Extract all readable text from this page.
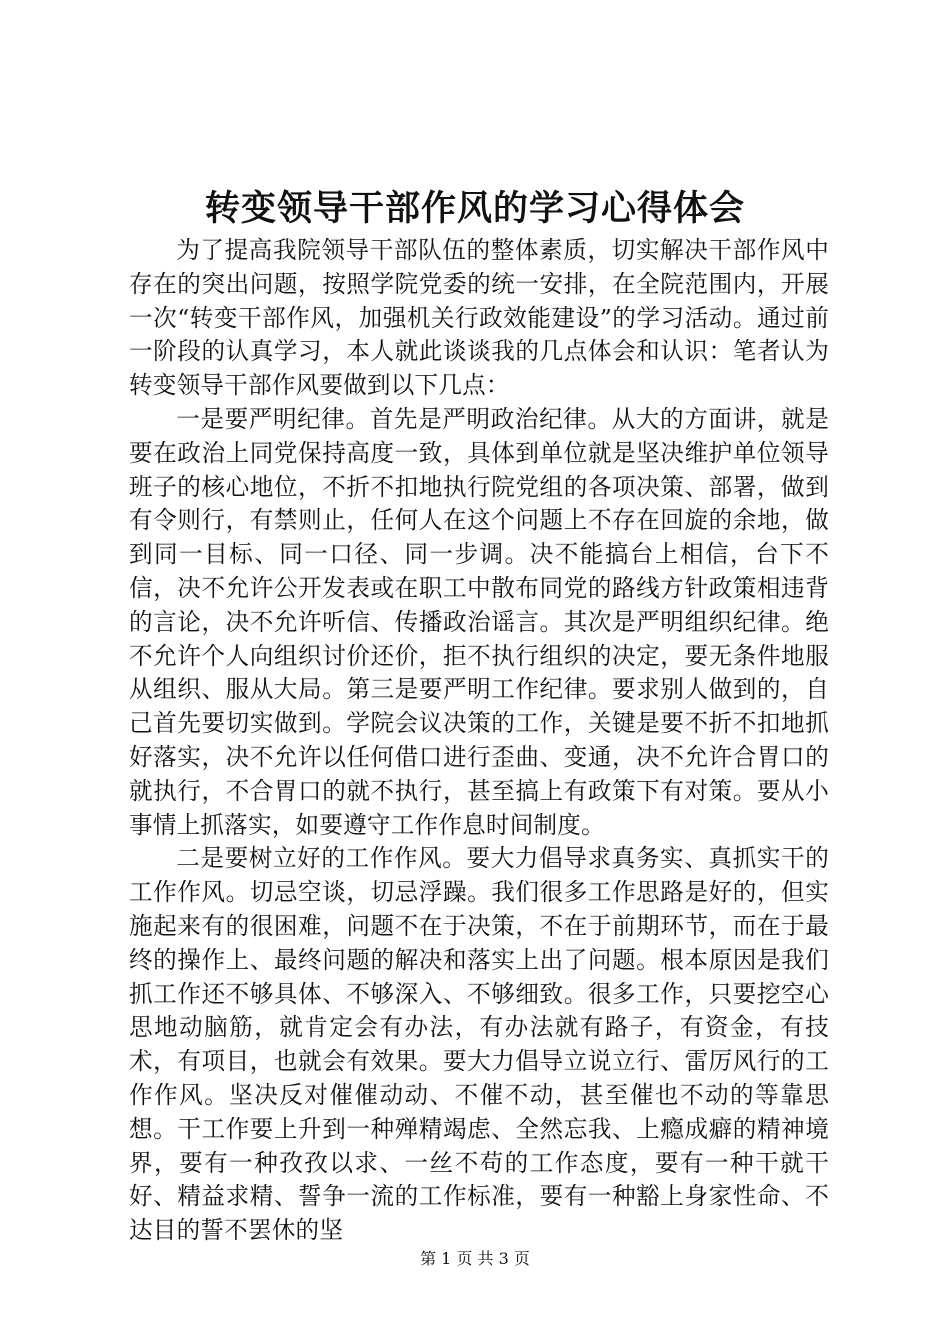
转变领导干部作风的学习心得体会

为了提高我院领导干部队伍的整体素质，切实解决干部作风中存在的突出问题，按照学院党委的统一安排，在全院范围内，开展一次“转变干部作风，加强机关行政效能建设”的学习活动。通过前一阶段的认真学习，本人就此谈谈我的几点体会和认识：笔者认为转变领导干部作风要做到以下几点：

一是要严明纪律。首先是严明政治纪律。从大的方面讲，就是要在政治上同党保持高度一致，具体到单位就是坚决维护单位领导班子的核心地位，不折不扣地执行院党组的各项决策、部署，做到有令则行，有禁则止，任何人在这个问题上不存在回旋的余地，做到同一目标、同一口径、同一步调。决不能搞台上相信，台下不信，决不允许公开发表或在职工中散布同党的路线方针政策相违背的言论，决不允许听信、传播政治谣言。其次是严明组织纪律。绝不允许个人向组织讨价还价，拒不执行组织的决定，要无条件地服从组织、服从大局。第三是要严明工作纪律。要求别人做到的，自己首先要切实做到。学院会议决策的工作，关键是要不折不扣地抓好落实，决不允许以任何借口进行歪曲、变通，决不允许合胃口的就执行，不合胃口的就不执行，甚至搞上有政策下有对策。要从小事情上抓落实，如要遵守工作作息时间制度。

二是要树立好的工作作风。要大力倡导求真务实、真抓实干的工作作风。切忌空谈，切忌浮躁。我们很多工作思路是好的，但实施起来有的很困难，问题不在于决策，不在于前期环节，而在于最终的操作上、最终问题的解决和落实上出了问题。根本原因是我们抓工作还不够具体、不够深入、不够细致。很多工作，只要挖空心思地动脑筋，就肯定会有办法，有办法就有路子，有资金，有技术，有项目，也就会有效果。要大力倡导立说立行、雷厉风行的工作作风。坚决反对催催动动、不催不动，甚至催也不动的等靠思想。干工作要上升到一种殚精竭虑、全然忘我、上瘾成癖的精神境界，要有一种孜孜以求、一丝不苟的工作态度，要有一种干就干好、精益求精、誓争一流的工作标准，要有一种豁上身家性命、不达目的誓不罢休的坚

第 1 页 共 3 页
